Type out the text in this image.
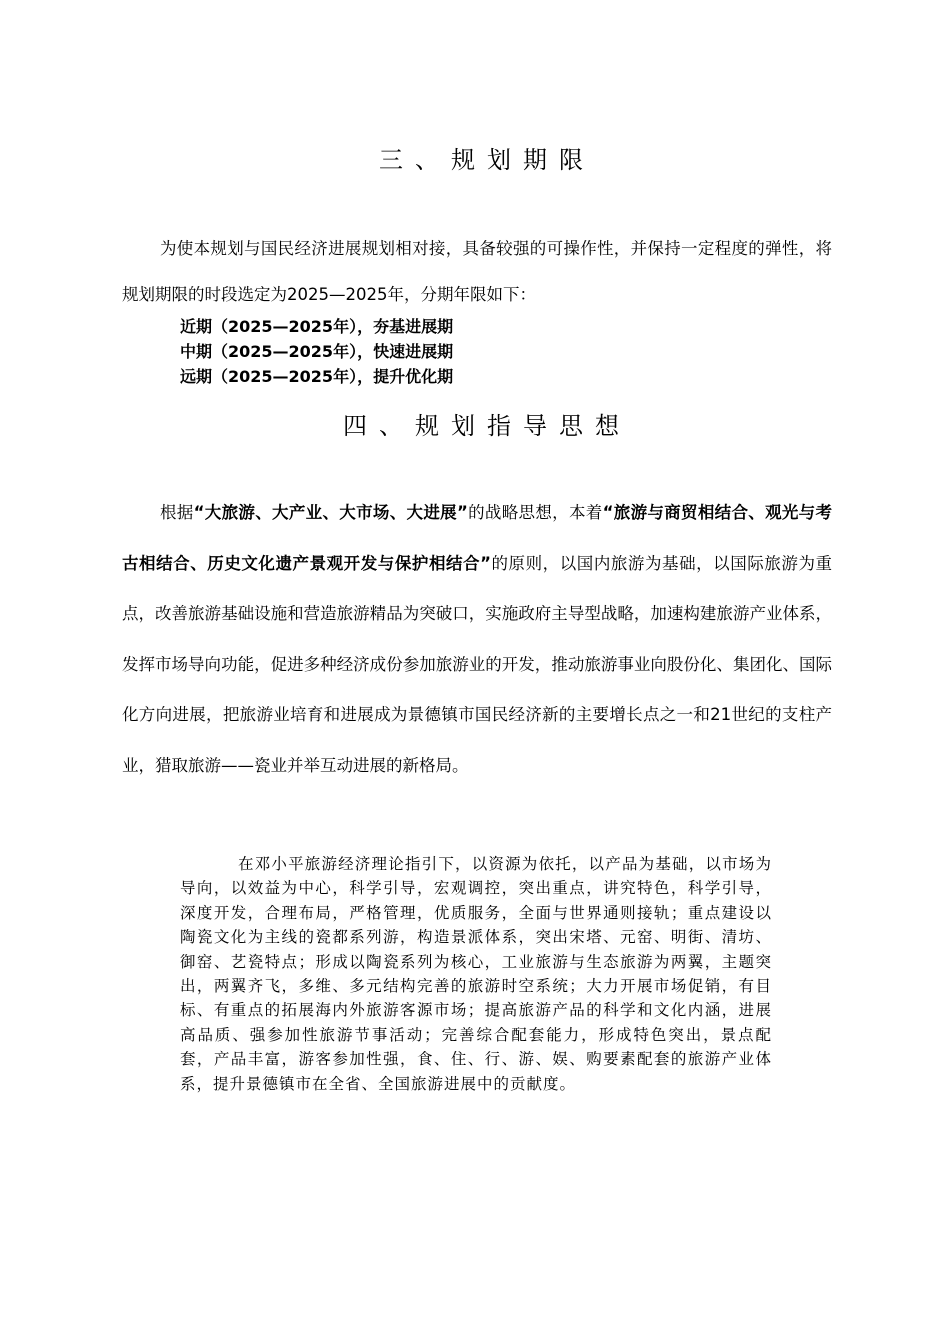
三、规划期限

为使本规划与国民经济进展规划相对接，具备较强的可操作性，并保持一定程度的弹性，将规划期限的时段选定为2025—2025年，分期年限如下：

近期（2025—2025年），夯基进展期
中期（2025—2025年），快速进展期
远期（2025—2025年），提升优化期
四、规划指导思想

根据“大旅游、大产业、大市场、大进展”的战略思想，本着“旅游与商贸相结合、观光与考古相结合、历史文化遗产景观开发与保护相结合”的原则，以国内旅游为基础，以国际旅游为重点，改善旅游基础设施和营造旅游精品为突破口，实施政府主导型战略，加速构建旅游产业体系，发挥市场导向功能，促进多种经济成份参加旅游业的开发，推动旅游事业向股份化、集团化、国际化方向进展，把旅游业培育和进展成为景德镇市国民经济新的主要增长点之一和21世纪的支柱产业，猎取旅游——瓷业并举互动进展的新格局。

在邓小平旅游经济理论指引下，以资源为依托，以产品为基础，以市场为导向，以效益为中心，科学引导，宏观调控，突出重点，讲究特色，科学引导，深度开发，合理布局，严格管理，优质服务，全面与世界通则接轨；重点建设以陶瓷文化为主线的瓷都系列游，构造景派体系，突出宋塔、元窑、明街、清坊、御窑、艺瓷特点；形成以陶瓷系列为核心，工业旅游与生态旅游为两翼，主题突出，两翼齐飞，多维、多元结构完善的旅游时空系统；大力开展市场促销，有目标、有重点的拓展海内外旅游客源市场；提高旅游产品的科学和文化内涵，进展高品质、强参加性旅游节事活动；完善综合配套能力，形成特色突出，景点配套，产品丰富，游客参加性强，食、住、行、游、娱、购要素配套的旅游产业体系，提升景德镇市在全省、全国旅游进展中的贡献度。
